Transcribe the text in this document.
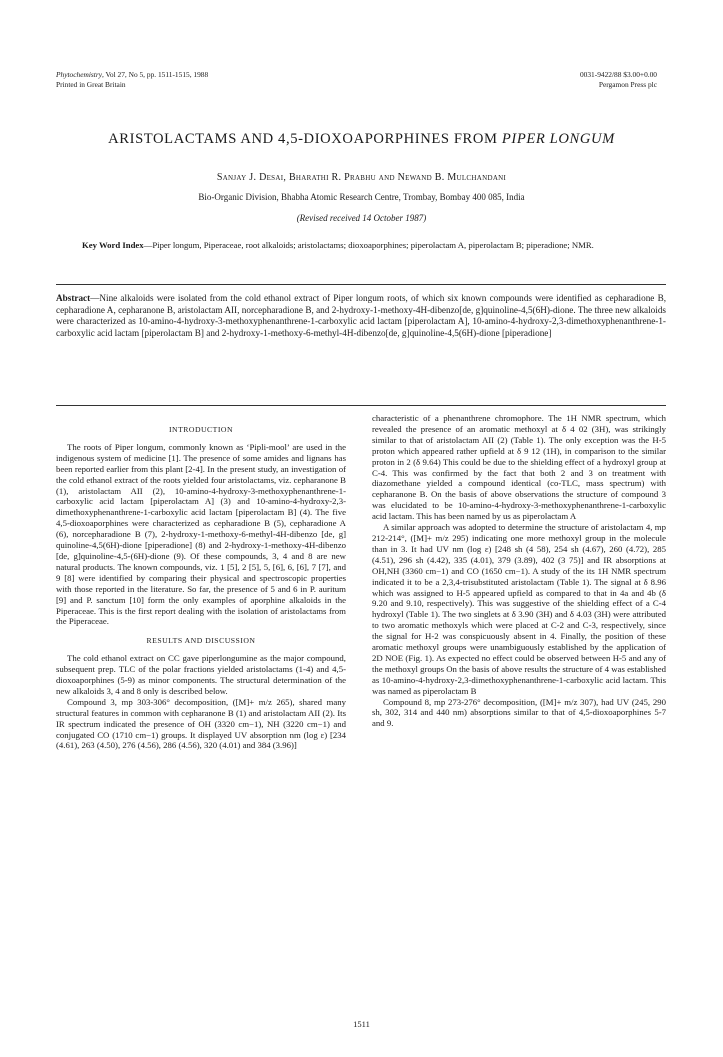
Phytochemistry, Vol 27, No 5, pp. 1511-1515, 1988
Printed in Great Britain
0031-9422/88 $3.00+0.00
Pergamon Press plc
ARISTOLACTAMS AND 4,5-DIOXOAPORPHINES FROM PIPER LONGUM
Sanjay J. Desai, Bharathi R. Prabhu and Newand B. Mulchandani
Bio-Organic Division, Bhabha Atomic Research Centre, Trombay, Bombay 400 085, India
(Revised received 14 October 1987)
Key Word Index—Piper longum, Piperaceae, root alkaloids; aristolactams; dioxoaporphines; piperolactam A, piperolactam B; piperadione; NMR.
Abstract—Nine alkaloids were isolated from the cold ethanol extract of Piper longum roots, of which six known compounds were identified as cepharadione B, cepharadione A, cepharanone B, aristolactam AII, norcepharadione B, and 2-hydroxy-1-methoxy-4H-dibenzo[de, g]quinoline-4,5(6H)-dione. The three new alkaloids were characterized as 10-amino-4-hydroxy-3-methoxyphenanthrene-1-carboxylic acid lactam [piperolactam A], 10-amino-4-hydroxy-2,3-dimethoxyphenanthrene-1-carboxylic acid lactam [piperolactam B] and 2-hydroxy-1-methoxy-6-methyl-4H-dibenzo[de, g]quinoline-4,5(6H)-dione [piperadione]
INTRODUCTION

The roots of Piper longum, commonly known as ‘Pipli-mool’ are used in the indigenous system of medicine [1]. The presence of some amides and lignans has been reported earlier from this plant [2-4]. In the present study, an investigation of the cold ethanol extract of the roots yielded four aristolactams, viz. cepharanone B (1), aristolactam AII (2), 10-amino-4-hydroxy-3-methoxyphenanthrene-1-carboxylic acid lactam [piperolactam A] (3) and 10-amino-4-hydroxy-2,3-dimethoxyphenanthrene-1-carboxylic acid lactam [piperolactam B] (4). The five 4,5-dioxoaporphines were characterized as cepharadione B (5), cepharadione A (6), norcepharadione B (7), 2-hydroxy-1-methoxy-6-methyl-4H-dibenzo [de, g] quinoline-4,5(6H)-dione [piperadione] (8) and 2-hydroxy-1-methoxy-4H-dibenzo [de, g]quinoline-4,5-(6H)-dione (9). Of these compounds, 3, 4 and 8 are new natural products. The known compounds, viz. 1 [5], 2 [5], 5, [6], 6, [6], 7 [7], and 9 [8] were identified by comparing their physical and spectroscopic properties with those reported in the literature. So far, the presence of 5 and 6 in P. auritum [9] and P. sanctum [10] form the only examples of aporphine alkaloids in the Piperaceae. This is the first report dealing with the isolation of aristolactams from the Piperaceae.

RESULTS AND DISCUSSION

The cold ethanol extract on CC gave piperlongumine as the major compound, subsequent prep. TLC of the polar fractions yielded aristolactams (1-4) and 4,5-dioxoaporphines (5-9) as minor components. The structural determination of the new alkaloids 3, 4 and 8 only is described below.

Compound 3, mp 303-306° decomposition, ([M]+ m/z 265), shared many structural features in common with cepharanone B (1) and aristolactam AII (2). Its IR spectrum indicated the presence of OH (3320 cm−1), NH (3220 cm−1) and conjugated CO (1710 cm−1) groups. It displayed UV absorption nm (log ε) [234 (4.61), 263 (4.50), 276 (4.56), 286 (4.56), 320 (4.01) and 384 (3.96)]

characteristic of a phenanthrene chromophore. The 1H NMR spectrum, which revealed the presence of an aromatic methoxyl at δ 4 02 (3H), was strikingly similar to that of aristolactam AII (2) (Table 1). The only exception was the H-5 proton which appeared rather upfield at δ 9 12 (1H), in comparison to the similar proton in 2 (δ 9.64) This could be due to the shielding effect of a hydroxyl group at C-4. This was confirmed by the fact that both 2 and 3 on treatment with diazomethane yielded a compound identical (co-TLC, mass spectrum) with cepharanone B. On the basis of above observations the structure of compound 3 was elucidated to be 10-amino-4-hydroxy-3-methoxyphenanthrene-1-carboxylic acid lactam. This has been named by us as piperolactam A

A similar approach was adopted to determine the structure of aristolactam 4, mp 212-214°, ([M]+ m/z 295) indicating one more methoxyl group in the molecule than in 3. It had UV nm (log ε) [248 sh (4 58), 254 sh (4.67), 260 (4.72), 285 (4.51), 296 sh (4.42), 335 (4.01), 379 (3.89), 402 (3 75)] and IR absorptions at OH,NH (3360 cm−1) and CO (1650 cm−1). A study of the its 1H NMR spectrum indicated it to be a 2,3,4-trisubstituted aristolactam (Table 1). The signal at δ 8.96 which was assigned to H-5 appeared upfield as compared to that in 4a and 4b (δ 9.20 and 9.10, respectively). This was suggestive of the shielding effect of a C-4 hydroxyl (Table 1). The two singlets at δ 3.90 (3H) and δ 4.03 (3H) were attributed to two aromatic methoxyls which were placed at C-2 and C-3, respectively, since the signal for H-2 was conspicuously absent in 4. Finally, the position of these aromatic methoxyl groups were unambiguously established by the application of 2D NOE (Fig. 1). As expected no effect could be observed between H-5 and any of the methoxyl groups On the basis of above results the structure of 4 was established as 10-amino-4-hydroxy-2,3-dimethoxyphenanthrene-1-carboxylic acid lactam. This was named as piperolactam B

Compound 8, mp 273-276° decomposition, ([M]+ m/z 307), had UV (245, 290 sh, 302, 314 and 440 nm) absorptions similar to that of 4,5-dioxoaporphines 5-7 and 9.

1511
